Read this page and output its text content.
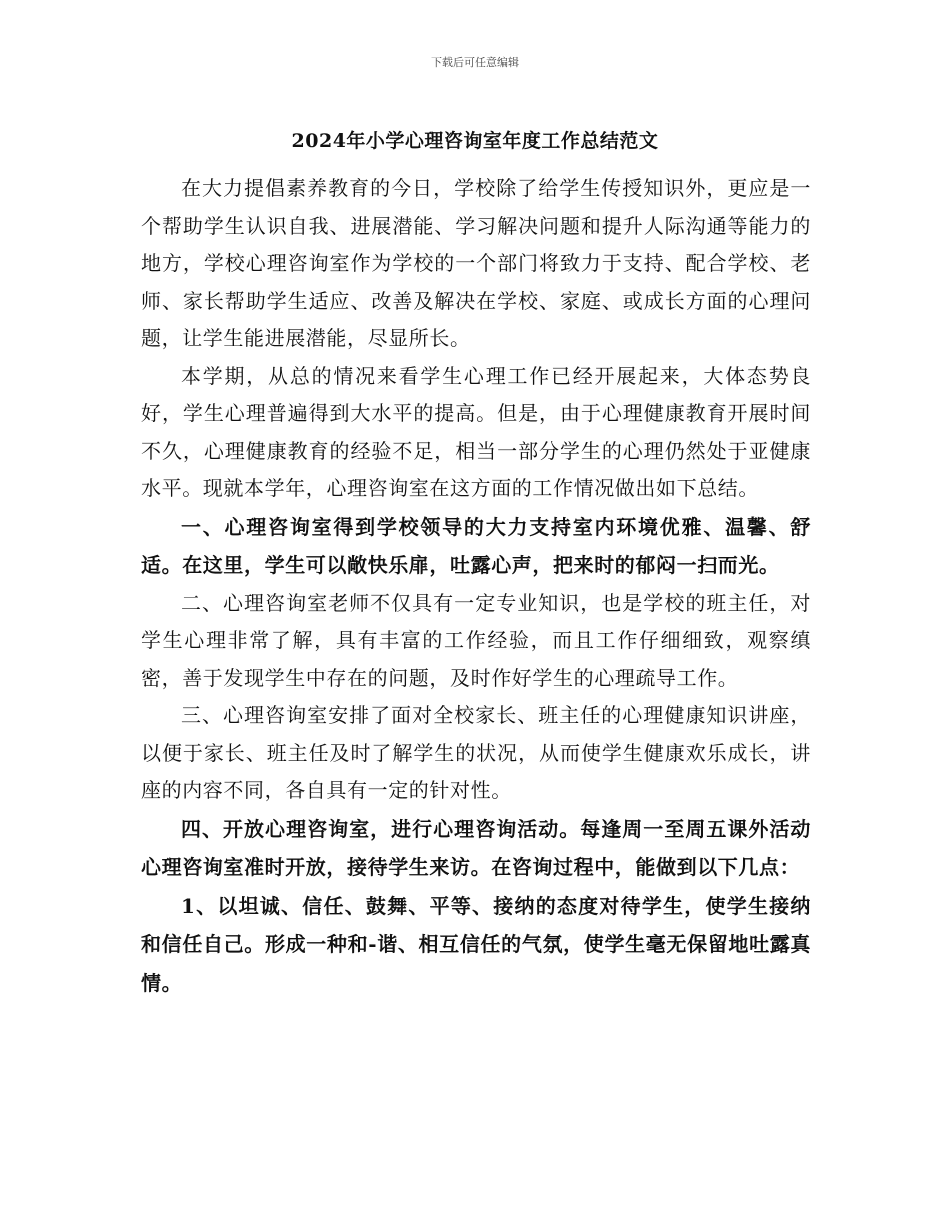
下载后可任意编辑
2024年小学心理咨询室年度工作总结范文

在大力提倡素养教育的今日，学校除了给学生传授知识外，更应是一个帮助学生认识自我、进展潜能、学习解决问题和提升人际沟通等能力的地方，学校心理咨询室作为学校的一个部门将致力于支持、配合学校、老师、家长帮助学生适应、改善及解决在学校、家庭、或成长方面的心理问题，让学生能进展潜能，尽显所长。

本学期，从总的情况来看学生心理工作已经开展起来，大体态势良好，学生心理普遍得到大水平的提高。但是，由于心理健康教育开展时间不久，心理健康教育的经验不足，相当一部分学生的心理仍然处于亚健康水平。现就本学年，心理咨询室在这方面的工作情况做出如下总结。

一、心理咨询室得到学校领导的大力支持室内环境优雅、温馨、舒适。在这里，学生可以敞快乐扉，吐露心声，把来时的郁闷一扫而光。

二、心理咨询室老师不仅具有一定专业知识，也是学校的班主任，对学生心理非常了解，具有丰富的工作经验，而且工作仔细细致，观察缜密，善于发现学生中存在的问题，及时作好学生的心理疏导工作。

三、心理咨询室安排了面对全校家长、班主任的心理健康知识讲座，以便于家长、班主任及时了解学生的状况，从而使学生健康欢乐成长，讲座的内容不同，各自具有一定的针对性。

四、开放心理咨询室，进行心理咨询活动。每逢周一至周五课外活动心理咨询室准时开放，接待学生来访。在咨询过程中，能做到以下几点：

1、以坦诚、信任、鼓舞、平等、接纳的态度对待学生，使学生接纳和信任自己。形成一种和-谐、相互信任的气氛，使学生毫无保留地吐露真情。
